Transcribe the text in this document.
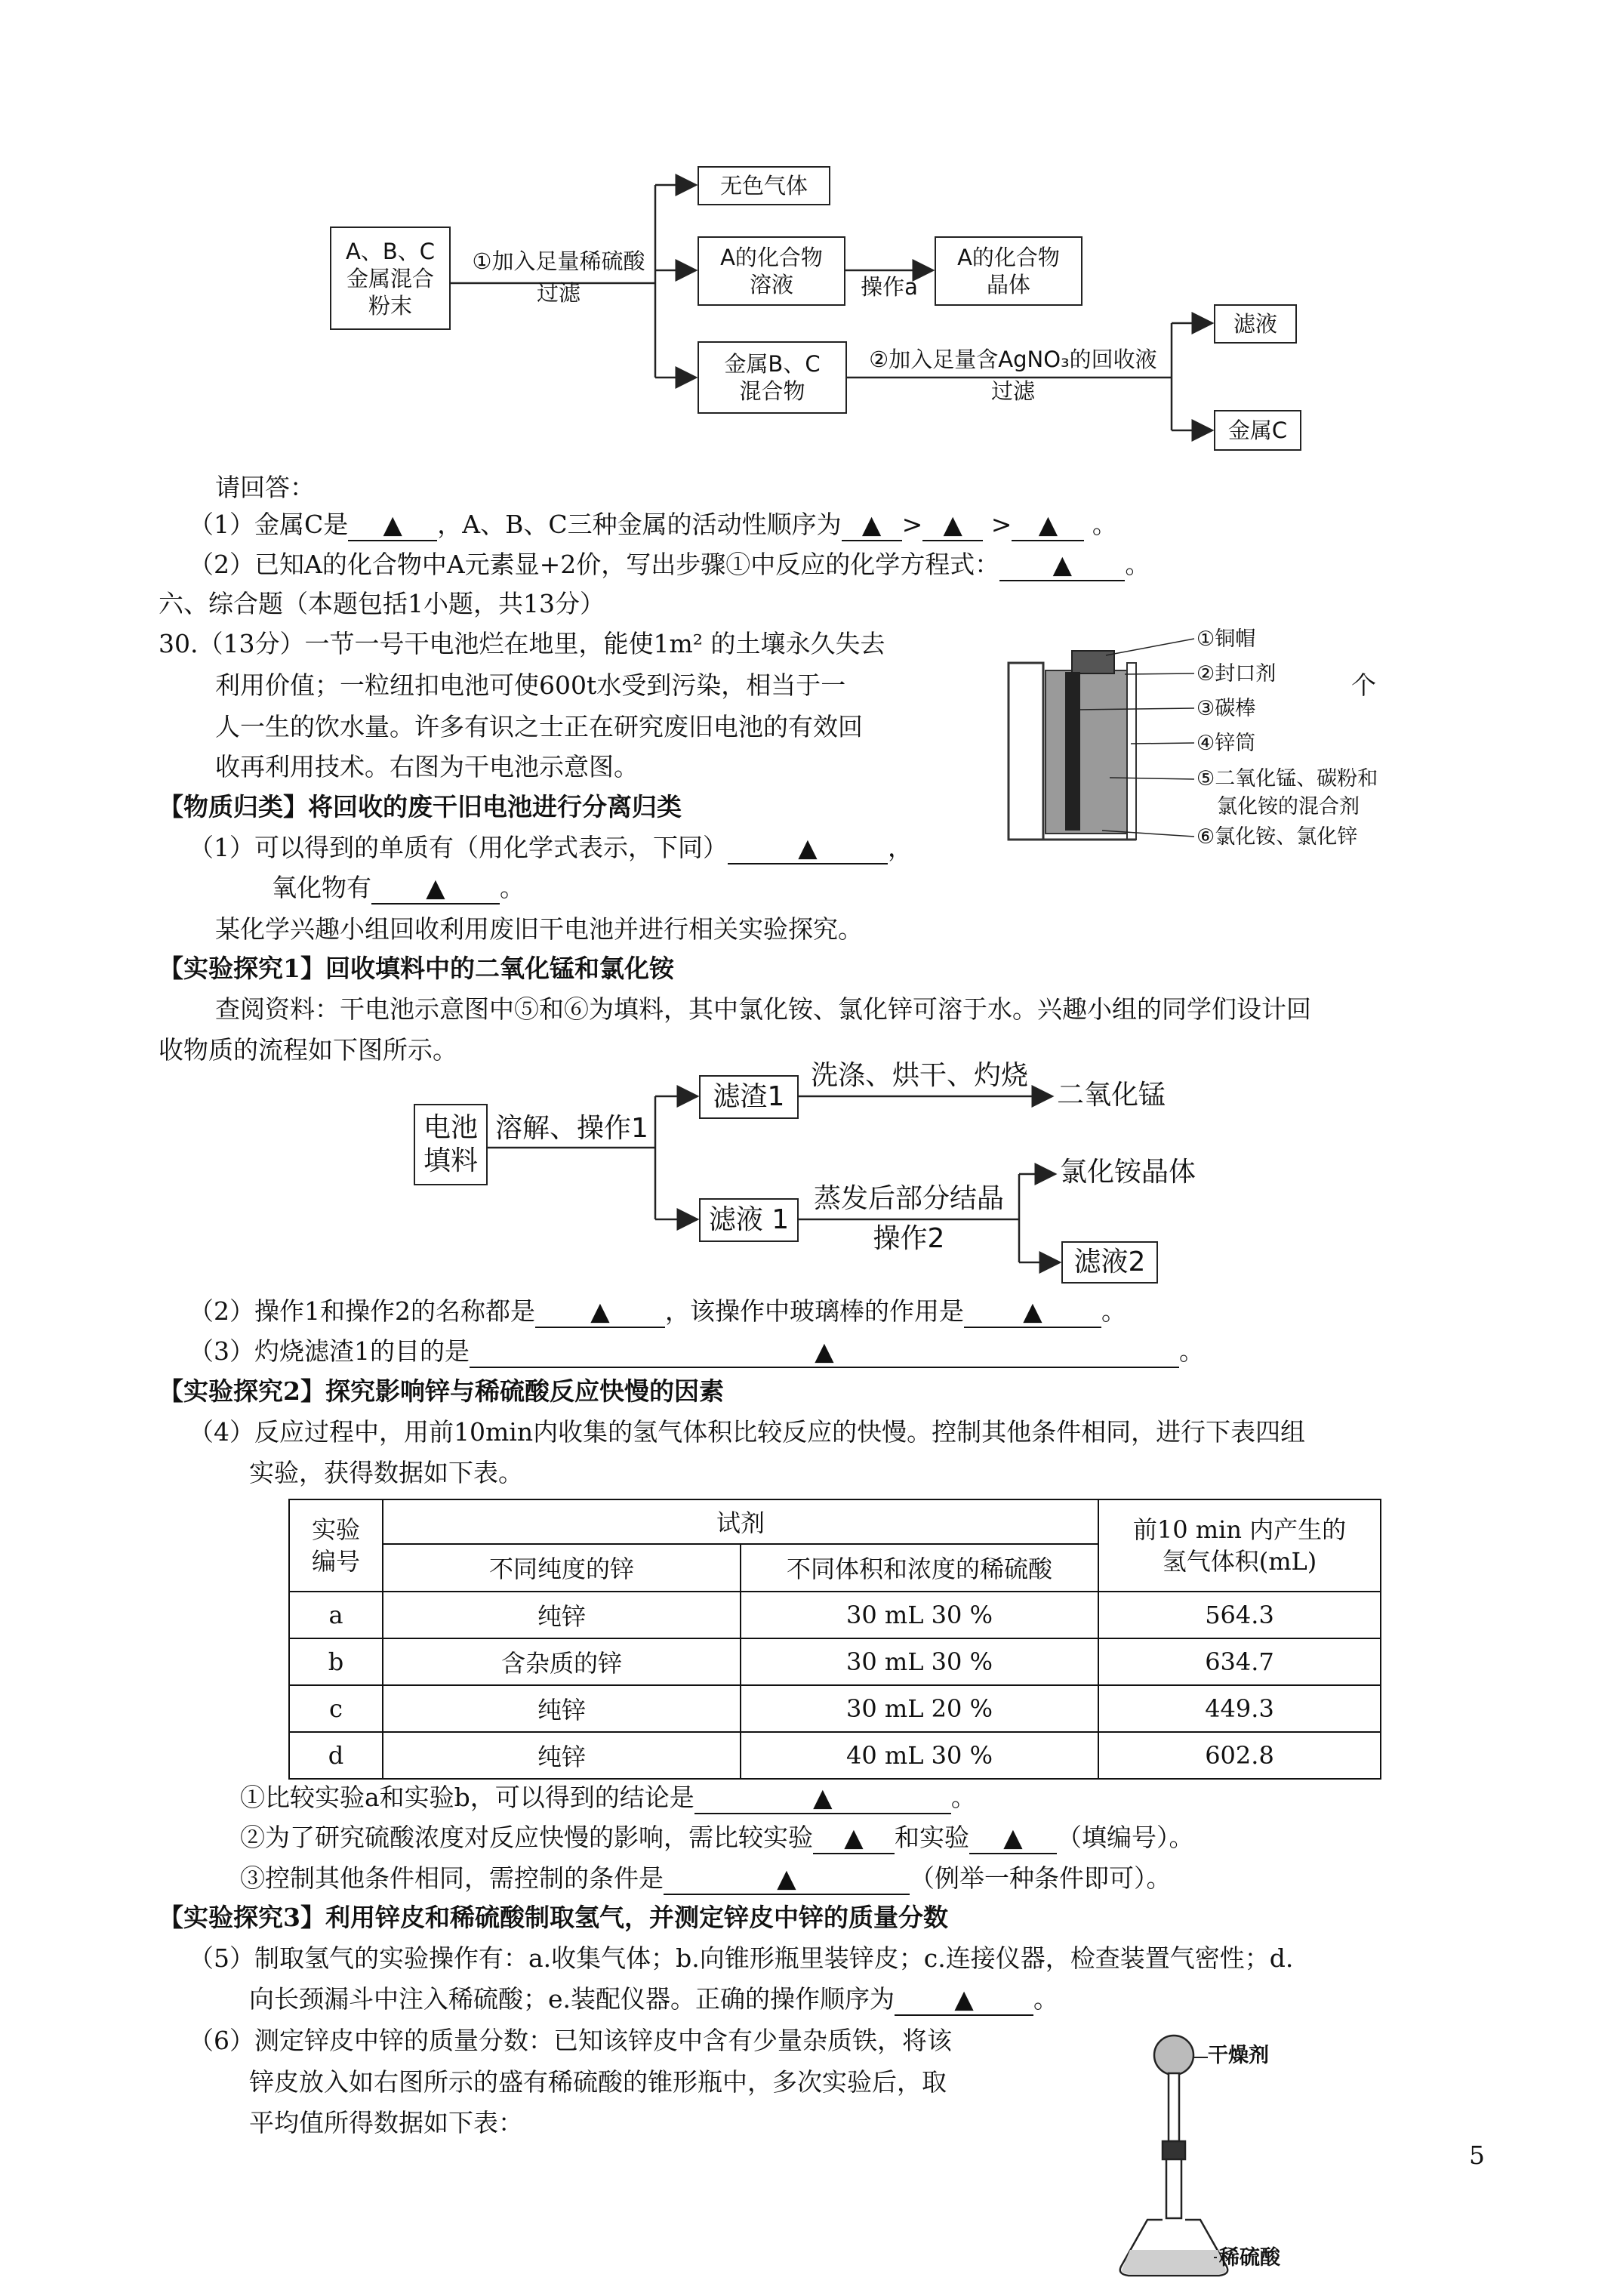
A、B、C
金属混合
粉末
①加入足量稀硫酸
过滤
无色气体
A的化合物
溶液	操作a
A的化合物
晶体
金属B、C
混合物
②加入足量含AgNO₃的回收液
过滤
滤液
金属C
请回答：
（1）金属C是 ▲ ，A、B、C三种金属的活动性顺序为 ▲ > ▲ > ▲ 。
（2）已知A的化合物中A元素显+2价，写出步骤①中反应的化学方程式： ▲ 。
六、综合题（本题包括1小题，共13分）
30.（13分）一节一号干电池烂在地里，能使1m² 的土壤永久失去
利用价值；一粒纽扣电池可使600t水受到污染，相当于一	个
人一生的饮水量。许多有识之士正在研究废旧电池的有效回
收再利用技术。右图为干电池示意图。
①铜帽
②封口剂
③碳棒
④锌筒
⑤二氧化锰、碳粉和
氯化铵的混合剂
⑥氯化铵、氯化锌
【物质归类】将回收的废干旧电池进行分离归类
（1）可以得到的单质有（用化学式表示，下同）	▲	，
氧化物有 ▲ 。
某化学兴趣小组回收利用废旧干电池并进行相关实验探究。
【实验探究1】回收填料中的二氧化锰和氯化铵
查阅资料：干电池示意图中⑤和⑥为填料，其中氯化铵、氯化锌可溶于水。兴趣小组的同学们设计回
收物质的流程如下图所示。
电池
填料
溶解、操作1
滤渣1
洗涤、烘干、灼烧
二氧化锰
滤液 1
蒸发后部分结晶
操作2
氯化铵晶体
滤液2
（2）操作1和操作2的名称都是 ▲ ，该操作中玻璃棒的作用是 ▲ 。
（3）灼烧滤渣1的目的是	▲	。
【实验探究2】探究影响锌与稀硫酸反应快慢的因素
（4）反应过程中，用前10min内收集的氢气体积比较反应的快慢。控制其他条件相同，进行下表四组
实验，获得数据如下表。
实验
编号	试剂		前10 min 内产生的
氢气体积(mL)
	不同纯度的锌	不同体积和浓度的稀硫酸	
a	纯锌	30 mL 30 %	564.3
b	含杂质的锌	30 mL 30 %	634.7
c	纯锌	30 mL 20 %	449.3
d	纯锌	40 mL 30 %	602.8
①比较实验a和实验b，可以得到的结论是	▲	。
②为了研究硫酸浓度对反应快慢的影响，需比较实验 ▲ 和实验 ▲ （填编号）。
③控制其他条件相同，需控制的条件是	▲	（例举一种条件即可）。
【实验探究3】利用锌皮和稀硫酸制取氢气，并测定锌皮中锌的质量分数
（5）制取氢气的实验操作有：a.收集气体；b.向锥形瓶里装锌皮；c.连接仪器，检查装置气密性；d.
向长颈漏斗中注入稀硫酸；e.装配仪器。正确的操作顺序为 ▲ 。
（6）测定锌皮中锌的质量分数：已知该锌皮中含有少量杂质铁，将该
锌皮放入如右图所示的盛有稀硫酸的锥形瓶中，多次实验后，取
平均值所得数据如下表：
干燥剂
稀硫酸
5
